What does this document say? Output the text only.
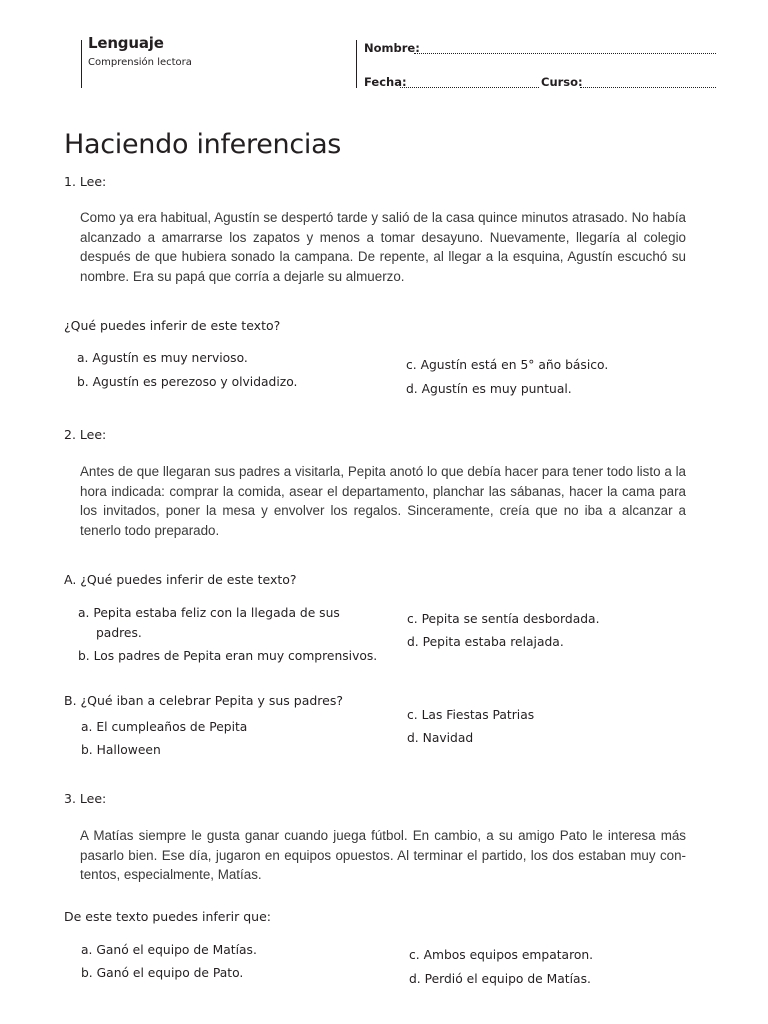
Lenguaje
Comprensión lectora
Nombre:
Fecha:	Curso:
Haciendo inferencias
1. Lee:
Como ya era habitual, Agustín se despertó tarde y salió de la casa quince minutos atrasado. No había alcanzado a amarrarse los zapatos y menos a tomar desayuno. Nuevamente, llegaría al colegio después de que hubiera sonado la campana. De repente, al llegar a la esquina, Agustín escuchó su nombre. Era su papá que corría a dejarle su almuerzo.
¿Qué puedes inferir de este texto?
a. Agustín es muy nervioso.
b. Agustín es perezoso y olvidadizo.
c. Agustín está en 5° año básico.
d. Agustín es muy puntual.
2. Lee:
Antes de que llegaran sus padres a visitarla, Pepita anotó lo que debía hacer para tener todo listo a la hora indicada: comprar la comida, asear el departamento, planchar las sábanas, hacer la cama para los invitados, poner la mesa y envolver los regalos. Sinceramente, creía que no iba a alcanzar a tenerlo todo preparado.
A. ¿Qué puedes inferir de este texto?
a. Pepita estaba feliz con la llegada de sus
padres.
b. Los padres de Pepita eran muy comprensivos.
c. Pepita se sentía desbordada.
d. Pepita estaba relajada.
B. ¿Qué iban a celebrar Pepita y sus padres?
a. El cumpleaños de Pepita
b. Halloween
c. Las Fiestas Patrias
d. Navidad
3. Lee:
A Matías siempre le gusta ganar cuando juega fútbol. En cambio, a su amigo Pato le interesa más pasarlo bien. Ese día, jugaron en equipos opuestos. Al terminar el partido, los dos estaban muy con- tentos, especialmente, Matías.
De este texto puedes inferir que:
a. Ganó el equipo de Matías.
b. Ganó el equipo de Pato.
c. Ambos equipos empataron.
d. Perdió el equipo de Matías.
